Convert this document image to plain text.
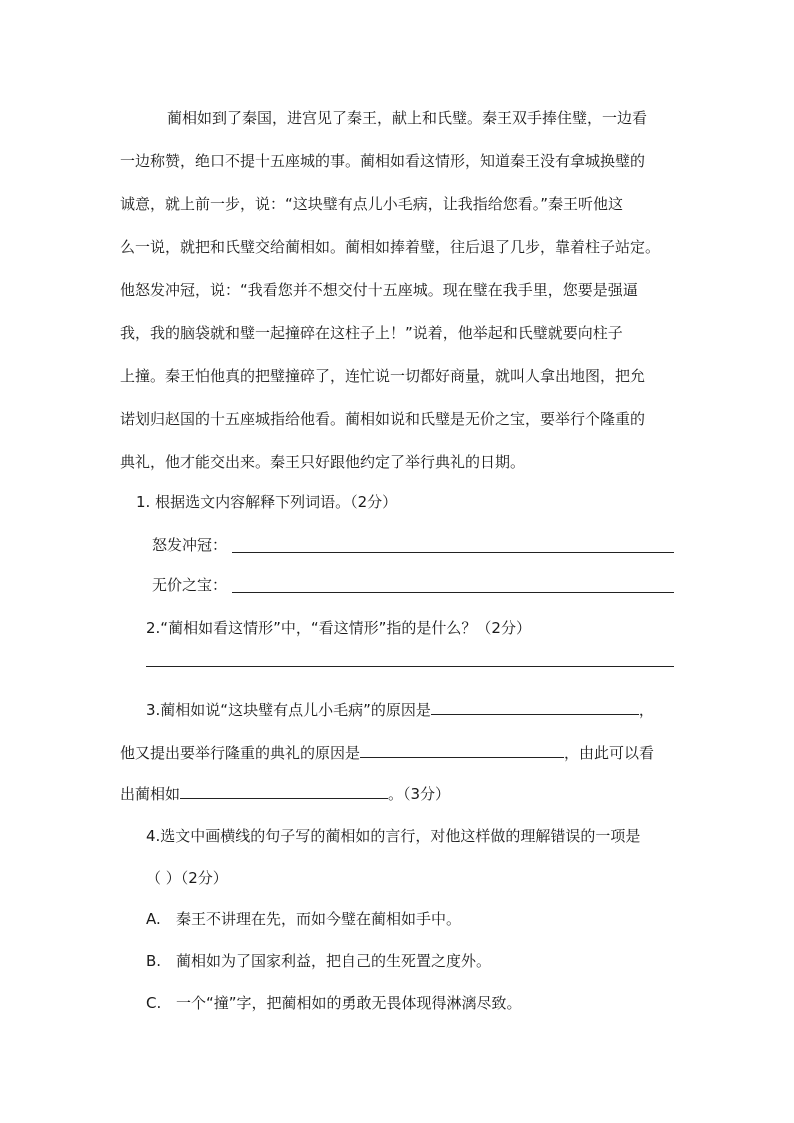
蔺相如到了秦国，进宫见了秦王，献上和氏璧。秦王双手捧住璧，一边看
一边称赞，绝口不提十五座城的事。蔺相如看这情形，知道秦王没有拿城换璧的
诚意，就上前一步，说：“这块璧有点儿小毛病，让我指给您看。”秦王听他这
么一说，就把和氏璧交给蔺相如。蔺相如捧着璧，往后退了几步，靠着柱子站定。
他怒发冲冠，说：“我看您并不想交付十五座城。现在璧在我手里，您要是强逼
我，我的脑袋就和璧一起撞碎在这柱子上！”说着，他举起和氏璧就要向柱子
上撞。秦王怕他真的把璧撞碎了，连忙说一切都好商量，就叫人拿出地图，把允
诺划归赵国的十五座城指给他看。蔺相如说和氏璧是无价之宝，要举行个隆重的
典礼，他才能交出来。秦王只好跟他约定了举行典礼的日期。
1. 根据选文内容解释下列词语。（2分）
怒发冲冠：
无价之宝：
2.“蔺相如看这情形”中，“看这情形”指的是什么？（2分）
3.蔺相如说“这块璧有点儿小毛病”的原因是	，
他又提出要举行隆重的典礼的原因是	，由此可以看
出蔺相如	。（3分）
4.选文中画横线的句子写的蔺相如的言行，对他这样做的理解错误的一项是
（ ）（2分）
A. 秦王不讲理在先，而如今璧在蔺相如手中。
B. 蔺相如为了国家利益，把自己的生死置之度外。
C. 一个“撞”字，把蔺相如的勇敢无畏体现得淋漓尽致。
